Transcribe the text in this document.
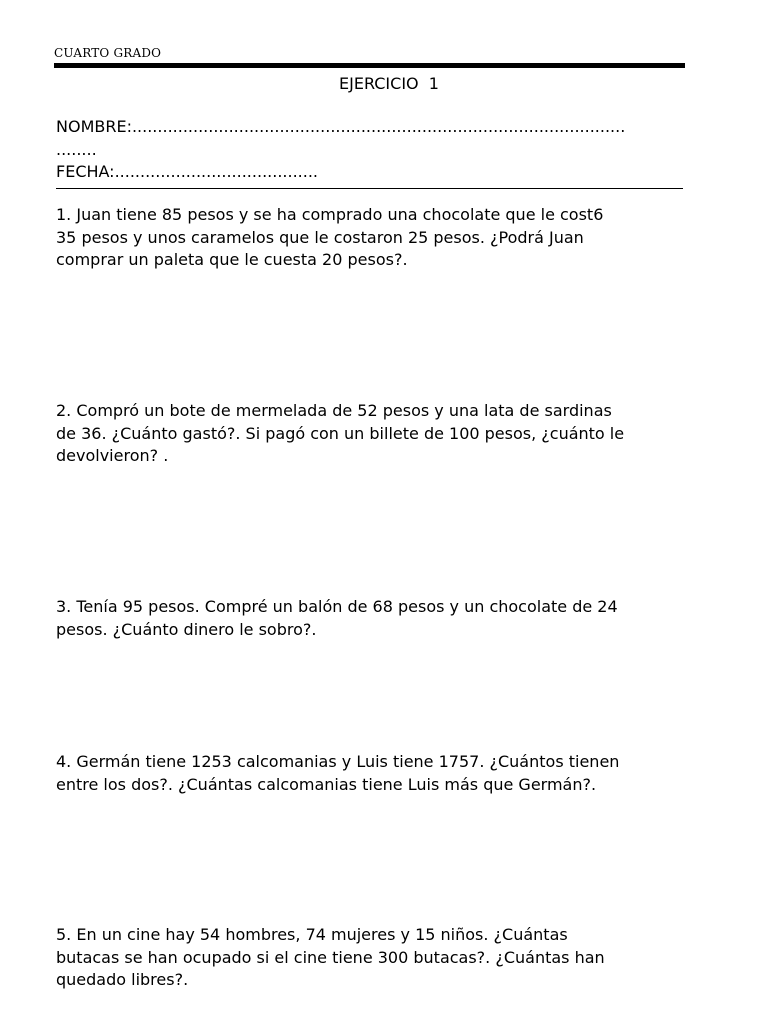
CUARTO GRADO
EJERCICIO  1
NOMBRE:.................................................................................................
........
FECHA:........................................
1. Juan tiene 85 pesos y se ha comprado una chocolate que le cost6
35 pesos y unos caramelos que le costaron 25 pesos. ¿Podrá Juan
comprar un paleta que le cuesta 20 pesos?.
2. Compró un bote de mermelada de 52 pesos y una lata de sardinas
de 36. ¿Cuánto gastó?. Si pagó con un billete de 100 pesos, ¿cuánto le
devolvieron? .
3. Tenía 95 pesos. Compré un balón de 68 pesos y un chocolate de 24
pesos. ¿Cuánto dinero le sobro?.
4. Germán tiene 1253 calcomanias y Luis tiene 1757. ¿Cuántos tienen
entre los dos?. ¿Cuántas calcomanias tiene Luis más que Germán?.
5. En un cine hay 54 hombres, 74 mujeres y 15 niños. ¿Cuántas
butacas se han ocupado si el cine tiene 300 butacas?. ¿Cuántas han
quedado libres?.
